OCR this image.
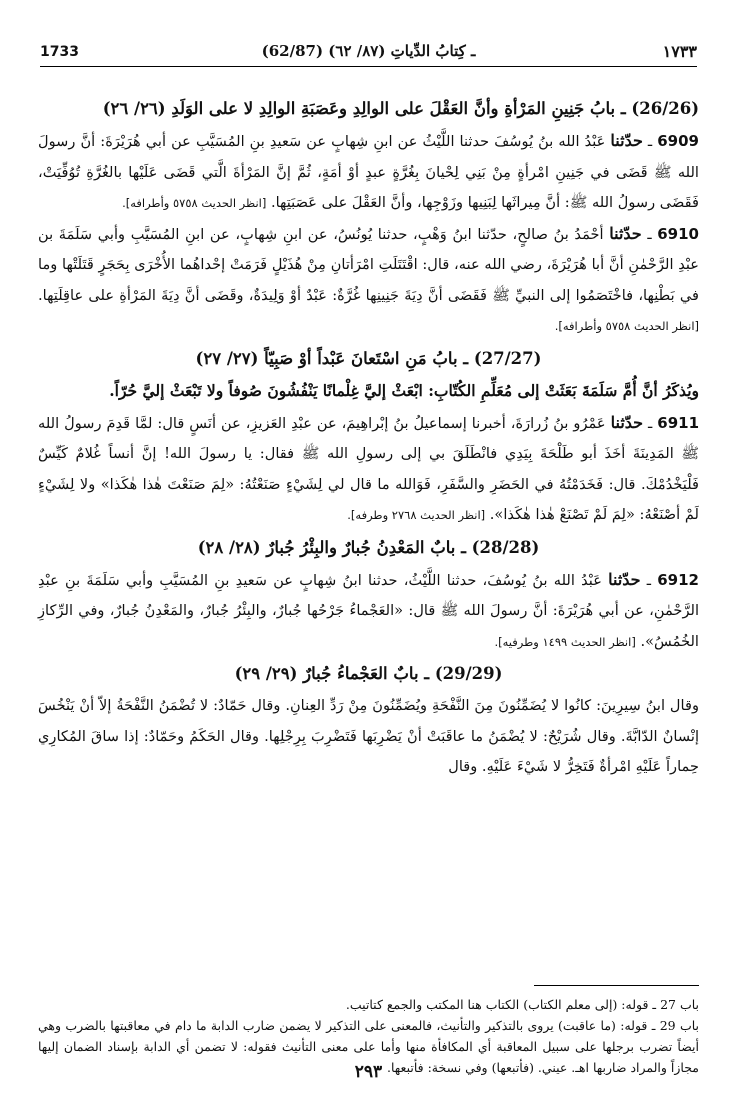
1733	(62/87) ـ كِتابُ الدِّياتِ (٨٧/ ٦٢)	١٧٣٣
(26/26) ـ بابُ جَنِينِ المَرْأةِ وأنَّ العَقْلَ على الوالِدِ وعَصَبَةِ الوالِدِ لا على الوَلَدِ (٢٦/ ٢٦)

6909 ـ حدّثنا عَبْدُ الله بنُ يُوسُفَ حدثنا اللَّيْثُ عن ابنِ شِهابٍ عن سَعيدِ بنِ المُسَيَّبِ عن أبي هُرَيْرَةَ: أنَّ رسولَ الله ﷺ قَضَى في جَنِينِ امْرأةٍ مِنْ بَنِي لِحْيانَ بِغُرَّةٍ عبدٍ أوْ أمَةٍ، ثُمَّ إنَّ المَرْأةَ الَّتي قَضَى عَلَيْها بالغُرَّةِ تُوُفِّيَتْ، فَقَضَى رسولُ الله ﷺ: أنَّ مِيراثَها لِبَنِيها وزَوْجِها، وأنَّ العَقْلَ على عَصَبَتِها. [انظر الحديث ٥٧٥٨ وأطرافه].

6910 ـ حدّثنا أحْمَدُ بنُ صالحٍ، حدّثنا ابنُ وَهْبٍ، حدثنا يُونُسُ، عن ابنِ شِهابٍ، عن ابنِ المُسَيَّبِ وأبي سَلَمَةَ بن عبْدِ الرَّحْمٰنِ أنَّ أبا هُرَيْرَةَ، رضي الله عنه، قال: اقْتَتَلَتِ امْرَأتانِ مِنْ هُذَيْلٍ فَرَمَتْ إحْداهُما الأُخْرَى بِحَجَرٍ قَتَلَتْها وما في بَطْنِها، فاخْتَصَمُوا إلى النبيِّ ﷺ فَقَضَى أنَّ دِيَةَ جَنِينِها غُرَّةٌ: عَبْدٌ أوْ وَلِيدَةٌ، وقَضَى أنَّ دِيَةَ المَرْأةِ على عاقِلَتِها. [انظر الحديث ٥٧٥٨ وأطرافه].

(27/27) ـ بابُ مَنِ اسْتَعانَ عَبْداً أوْ صَبِيّاً (٢٧/ ٢٧)
ويُذكَرُ أنَّ أُمَّ سَلَمَةَ بَعَثَتْ إلى مُعَلِّمِ الكُتّابِ: ابْعَثْ إليَّ غِلْمانًا يَنْفُشُونَ صُوفاً ولا تَبْعَثْ إليَّ حُرّاً.

6911 ـ حدّثنا عَمْرُو بنُ زُرارَةَ، أخبرنا إسماعيلُ بنُ إبْراهِيمَ، عن عبْدِ العَزيزِ، عن أنَسٍ قال: لمَّا قَدِمَ رسولُ الله ﷺ المَدِينَةَ أخَذَ أبو طَلْحَةَ بِيَدِي فانْطَلَقَ بي إلى رسولِ الله ﷺ فقال: يا رسولَ الله! إنَّ أنساً غُلامٌ كَيِّسٌ فَلْيَخْدُمْكَ. قال: فَخَدَمْتُهُ في الحَضَرِ والسَّفَرِ، فَوَالله ما قال لي لِشَيْءٍ صَنَعْتُهُ: «لِمَ صَنَعْتَ هٰذا هٰكَذا» ولا لِشَيْءٍ لَمْ أصْنَعْهُ: «لِمَ لَمْ تَصْنَعْ هٰذا هٰكَذا». [انظر الحديث ٢٧٦٨ وطرفه].

(28/28) ـ بابٌ المَعْدِنُ جُبارٌ والبِئْرُ جُبارٌ (٢٨/ ٢٨)

6912 ـ حدّثنا عَبْدُ الله بنُ يُوسُفَ، حدثنا اللَّيْثُ، حدثنا ابنُ شِهابٍ عن سَعيدِ بنِ المُسَيَّبِ وأبي سَلَمَةَ بنِ عبْدِ الرَّحْمٰنِ، عن أبي هُرَيْرَةَ: أنَّ رسولَ الله ﷺ قال: «العَجْماءُ جَرْحُها جُبارٌ، والبِئْرُ جُبارٌ، والمَعْدِنُ جُبارٌ، وفي الرِّكازِ الخُمُسُ». [انظر الحديث ١٤٩٩ وطرفيه].

(29/29) ـ بابٌ العَجْماءُ جُبارٌ (٢٩/ ٢٩)

وقال ابنُ سِيرِينَ: كانُوا لا يُضَمِّنُونَ مِنَ النَّفْحَةِ ويُضَمِّنُونَ مِنْ رَدِّ العِنانِ. وقال حَمّادٌ: لا تُضْمَنُ النَّفْحَةُ إلاّ أنْ يَنْخُسَ إنْسانٌ الدّابَّةَ. وقال شُرَيْحٌ: لا يُضْمَنُ ما عاقَبَتْ أنْ يَضْرِبَها فَتَضْرِبَ بِرِجْلِها. وقال الحَكَمُ وحَمّادٌ: إذا ساقَ المُكارِي حِماراً عَلَيْهِ امْرأةٌ فَتَخِرُّ لا شَيْءَ عَلَيْهِ. وقال

باب 27 ـ قوله: (إلى معلم الكتاب) الكتاب هنا المكتب والجمع كتاتيب.

باب 29 ـ قوله: (ما عاقبت) يروى بالتذكير والتأنيث، فالمعنى على التذكير لا يضمن ضارب الدابة ما دام في معاقبتها بالضرب وهي أيضاً تضرب برجلها على سبيل المعاقبة أي المكافأة منها وأما على معنى التأنيث فقوله: لا تضمن أي الدابة بإسناد الضمان إليها مجازاً والمراد ضاربها اهـ. عيني. (فأتبعها) وفي نسخة: فأتبعها.

٢٩٣
